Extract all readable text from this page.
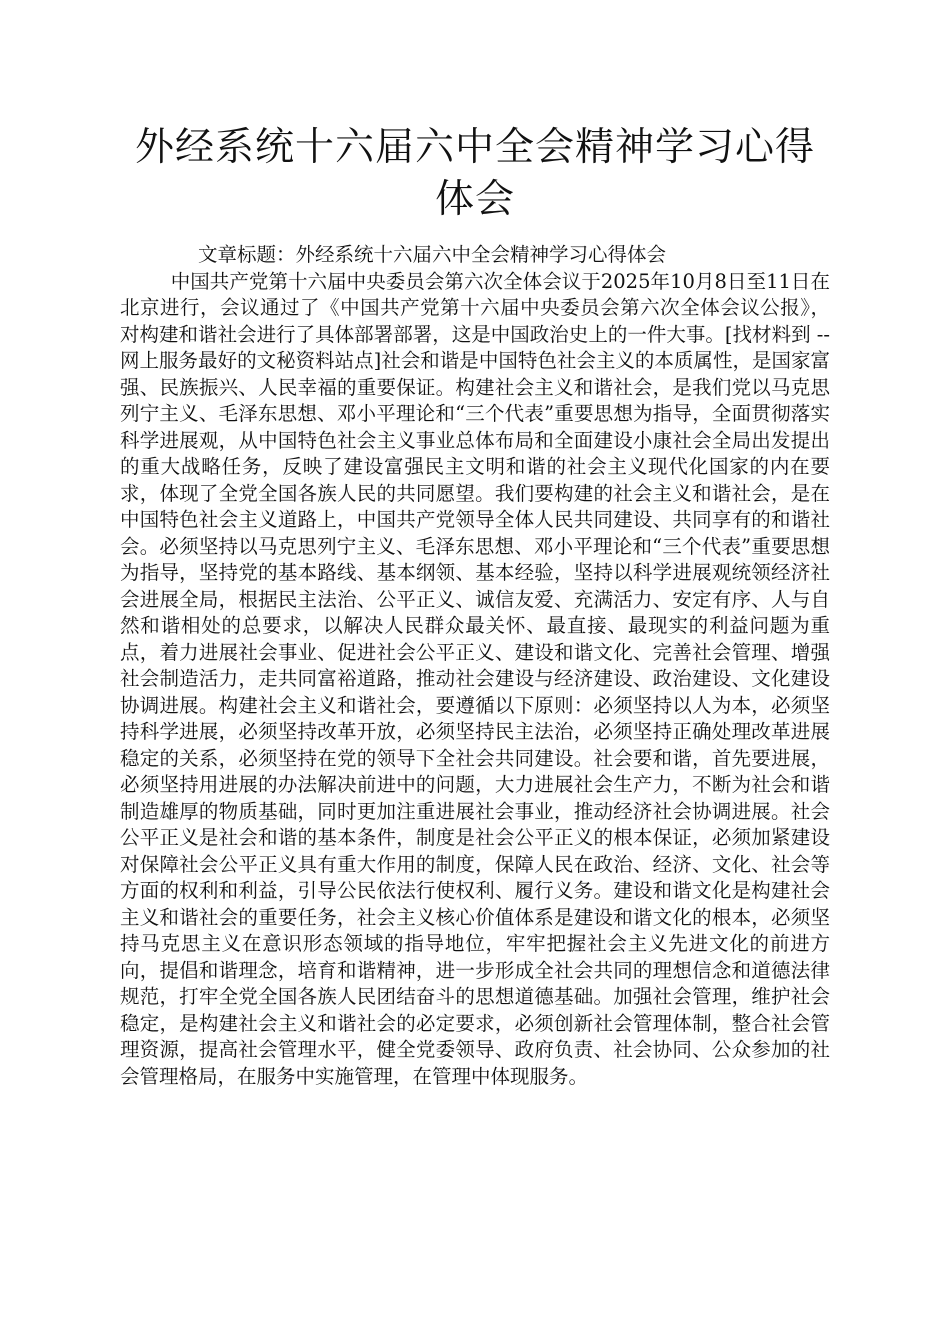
外经系统十六届六中全会精神学习心得体会

文章标题：外经系统十六届六中全会精神学习心得体会

中国共产党第十六届中央委员会第六次全体会议于2025年10月8日至11日在北京进行，会议通过了《中国共产党第十六届中央委员会第六次全体会议公报》，对构建和谐社会进行了具体部署部署，这是中国政治史上的一件大事。[找材料到 --网上服务最好的文秘资料站点]社会和谐是中国特色社会主义的本质属性，是国家富强、民族振兴、人民幸福的重要保证。构建社会主义和谐社会，是我们党以马克思列宁主义、毛泽东思想、邓小平理论和“三个代表”重要思想为指导，全面贯彻落实科学进展观，从中国特色社会主义事业总体布局和全面建设小康社会全局出发提出的重大战略任务，反映了建设富强民主文明和谐的社会主义现代化国家的内在要求，体现了全党全国各族人民的共同愿望。我们要构建的社会主义和谐社会，是在中国特色社会主义道路上，中国共产党领导全体人民共同建设、共同享有的和谐社会。必须坚持以马克思列宁主义、毛泽东思想、邓小平理论和“三个代表”重要思想为指导，坚持党的基本路线、基本纲领、基本经验，坚持以科学进展观统领经济社会进展全局，根据民主法治、公平正义、诚信友爱、充满活力、安定有序、人与自然和谐相处的总要求，以解决人民群众最关怀、最直接、最现实的利益问题为重点，着力进展社会事业、促进社会公平正义、建设和谐文化、完善社会管理、增强社会制造活力，走共同富裕道路，推动社会建设与经济建设、政治建设、文化建设协调进展。构建社会主义和谐社会，要遵循以下原则：必须坚持以人为本，必须坚持科学进展，必须坚持改革开放，必须坚持民主法治，必须坚持正确处理改革进展稳定的关系，必须坚持在党的领导下全社会共同建设。社会要和谐，首先要进展，必须坚持用进展的办法解决前进中的问题，大力进展社会生产力，不断为社会和谐制造雄厚的物质基础，同时更加注重进展社会事业，推动经济社会协调进展。社会公平正义是社会和谐的基本条件，制度是社会公平正义的根本保证，必须加紧建设对保障社会公平正义具有重大作用的制度，保障人民在政治、经济、文化、社会等方面的权利和利益，引导公民依法行使权利、履行义务。建设和谐文化是构建社会主义和谐社会的重要任务，社会主义核心价值体系是建设和谐文化的根本，必须坚持马克思主义在意识形态领域的指导地位，牢牢把握社会主义先进文化的前进方向，提倡和谐理念，培育和谐精神，进一步形成全社会共同的理想信念和道德法律规范，打牢全党全国各族人民团结奋斗的思想道德基础。加强社会管理，维护社会稳定，是构建社会主义和谐社会的必定要求，必须创新社会管理体制，整合社会管理资源，提高社会管理水平，健全党委领导、政府负责、社会协同、公众参加的社会管理格局，在服务中实施管理，在管理中体现服务。
